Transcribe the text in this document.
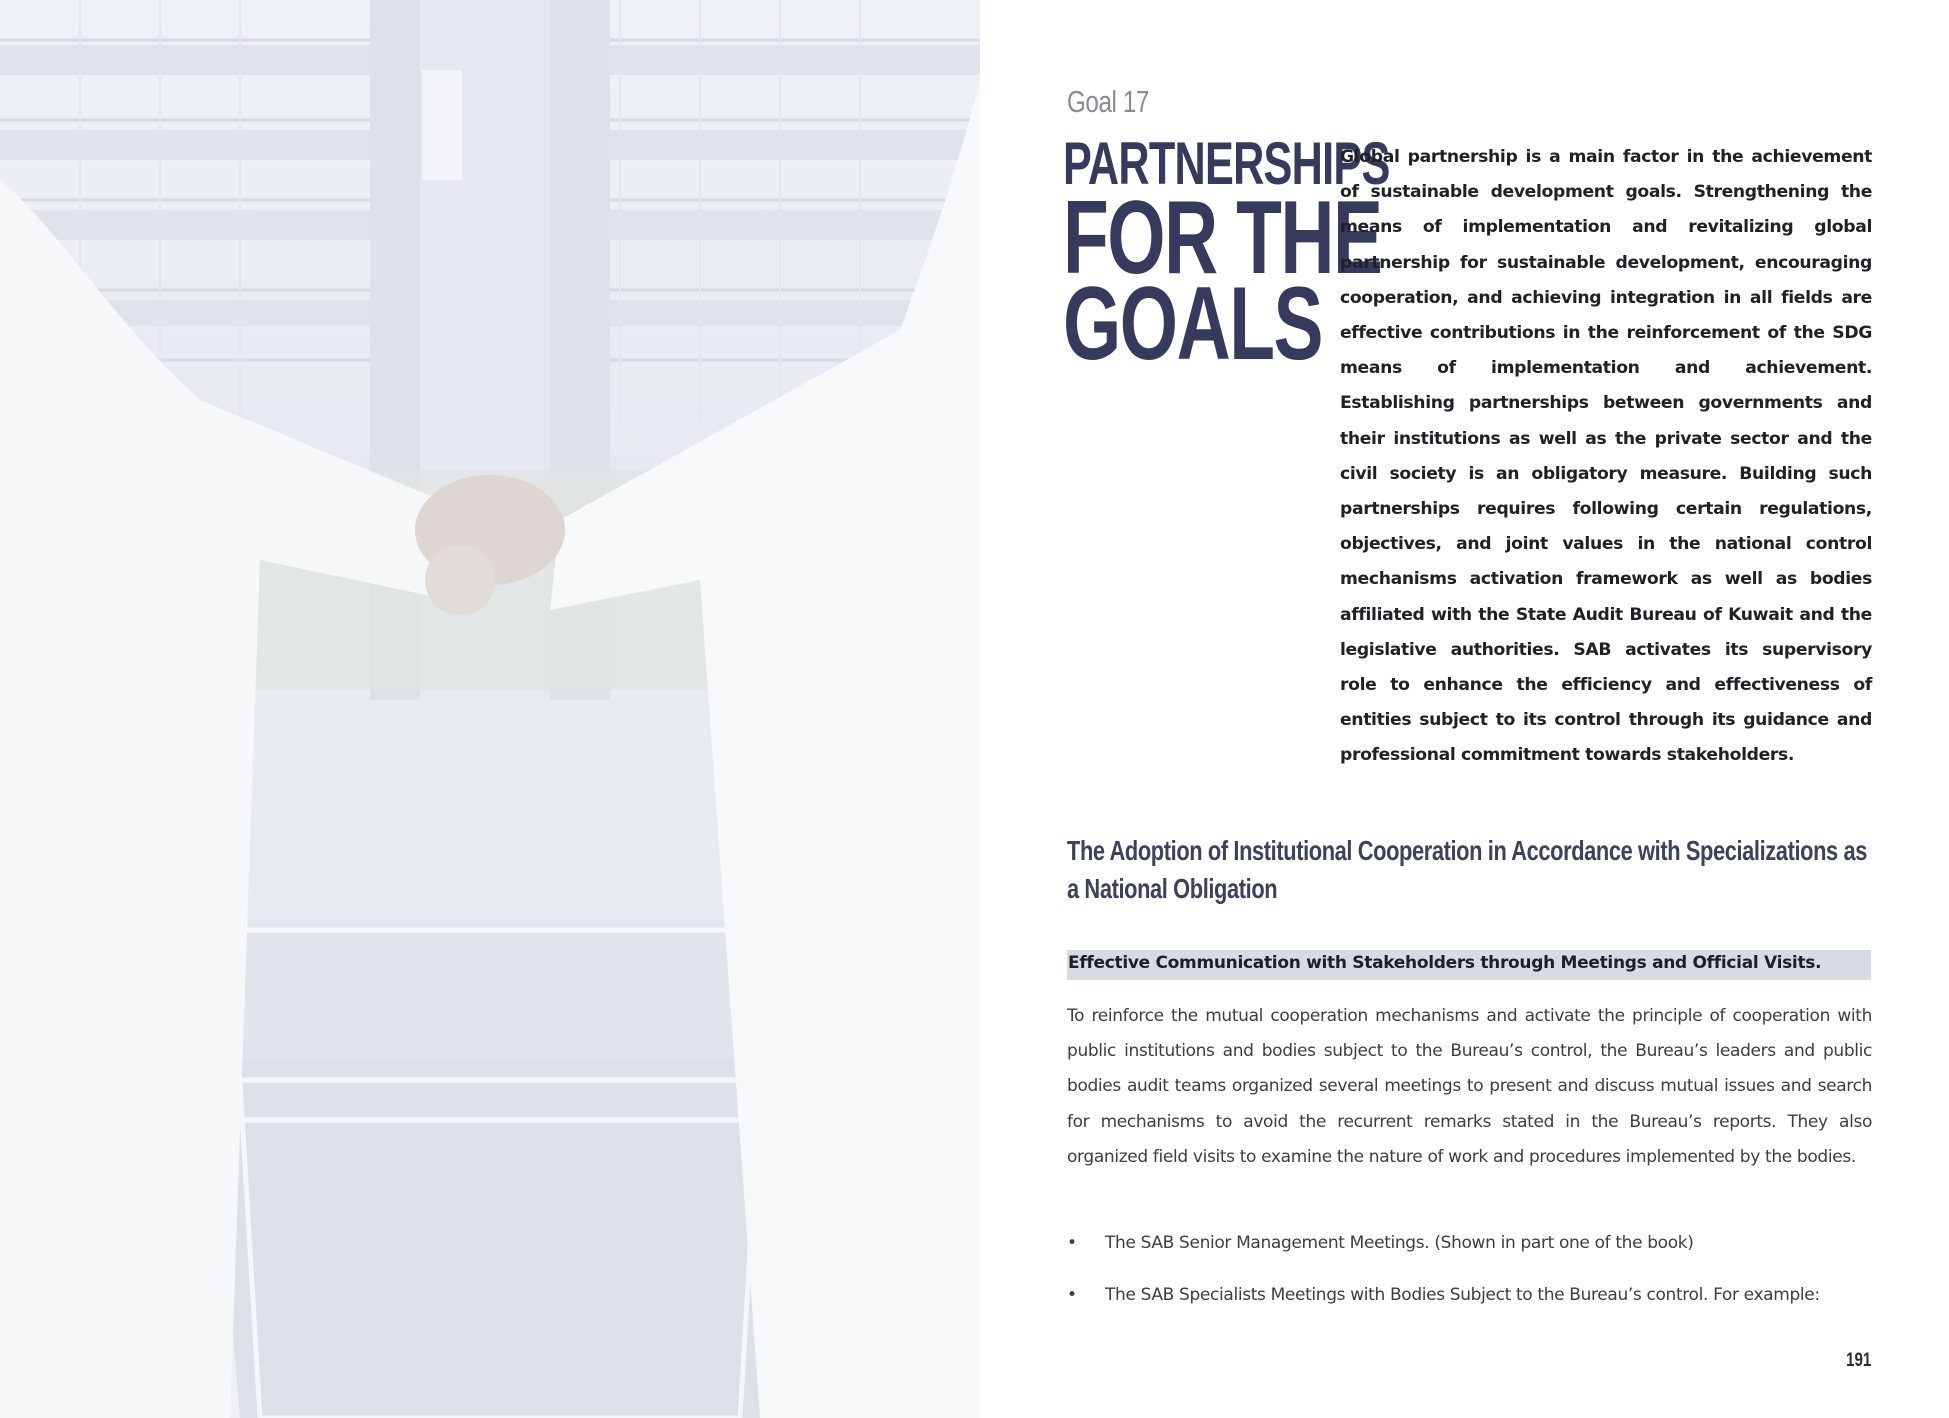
Goal 17
PARTNERSHIPS
FOR THE
GOALS

Global partnership is a main factor in the achievement of sustainable development goals. Strengthening the means of implementation and revitalizing global partnership for sustainable development, encouraging cooperation, and achieving integration in all fields are effective contributions in the reinforcement of the SDG means of implementation and achievement. Establishing partnerships between governments and their institutions as well as the private sector and the civil society is an obligatory measure. Building such partnerships requires following certain regulations, objectives, and joint values in the national control mechanisms activation framework as well as bodies affiliated with the State Audit Bureau of Kuwait and the legislative authorities. SAB activates its supervisory role to enhance the efficiency and effectiveness of entities subject to its control through its guidance and professional commitment towards stakeholders.

The Adoption of Institutional Cooperation in Accordance with Specializations as a National Obligation
Effective Communication with Stakeholders through Meetings and Official Visits.

To reinforce the mutual cooperation mechanisms and activate the principle of cooperation with public institutions and bodies subject to the Bureau’s control, the Bureau’s leaders and public bodies audit teams organized several meetings to present and discuss mutual issues and search for mechanisms to avoid the recurrent remarks stated in the Bureau’s reports. They also organized field visits to examine the nature of work and procedures implemented by the bodies.

•	The SAB Senior Management Meetings. (Shown in part one of the book)
•	The SAB Specialists Meetings with Bodies Subject to the Bureau’s control. For example:
191
